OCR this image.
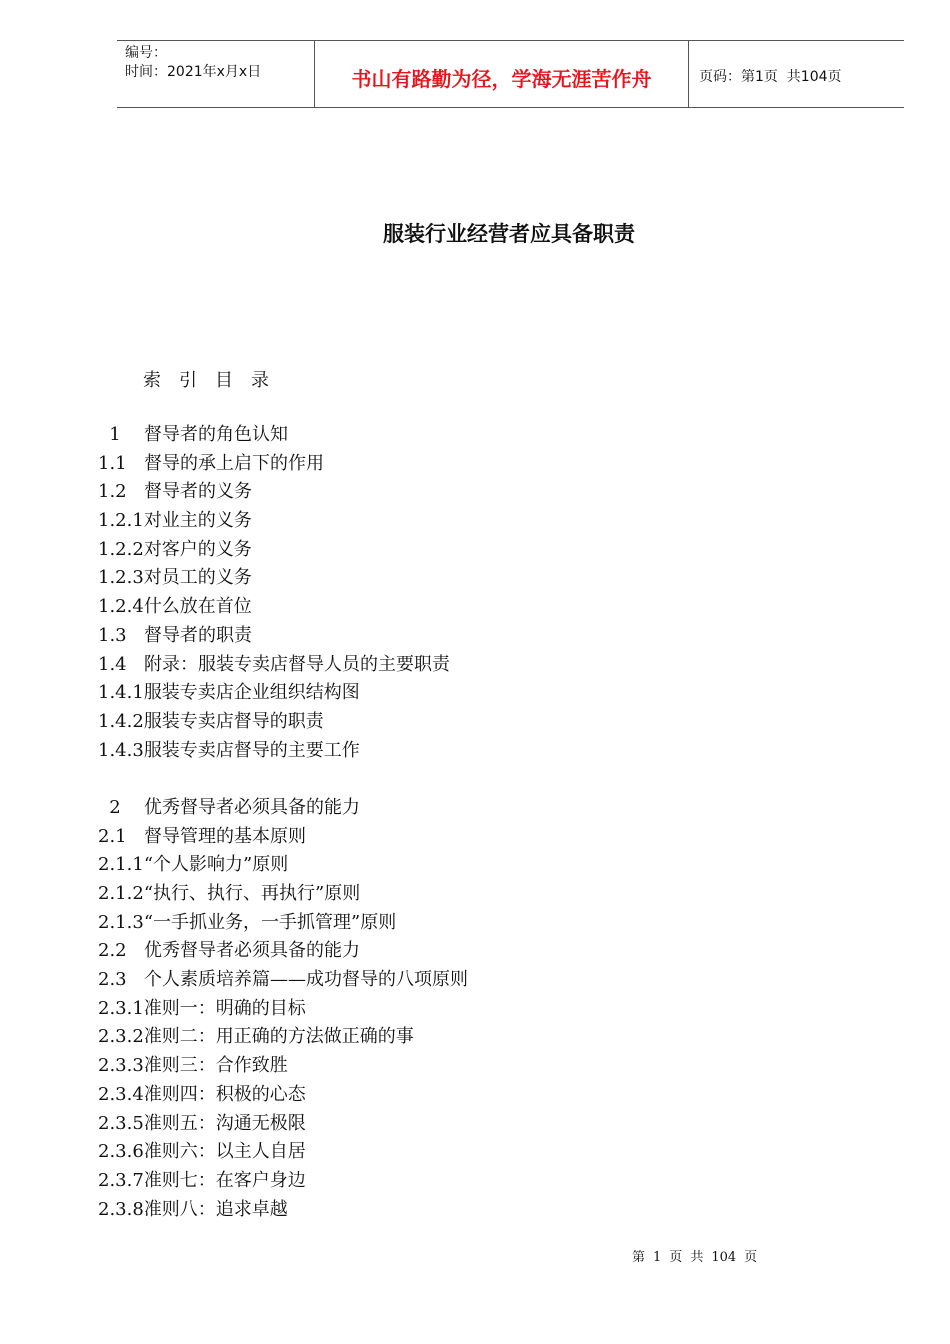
编号：
时间：2021年x月x日	书山有路勤为径，学海无涯苦作舟	页码：第1页  共104页
服装行业经营者应具备职责
索引目录
1	督导者的角色认知
1.1 督导的承上启下的作用
1.2 督导者的义务
1.2.1 对业主的义务
1.2.2 对客户的义务
1.2.3 对员工的义务
1.2.4 什么放在首位
1.3 督导者的职责
1.4 附录：服装专卖店督导人员的主要职责
1.4.1 服装专卖店企业组织结构图
1.4.2 服装专卖店督导的职责
1.4.3 服装专卖店督导的主要工作
2	优秀督导者必须具备的能力
2.1 督导管理的基本原则
2.1.1 “个人影响力”原则
2.1.2 “执行、执行、再执行”原则
2.1.3 “一手抓业务，一手抓管理”原则
2.2 优秀督导者必须具备的能力
2.3 个人素质培养篇——成功督导的八项原则
2.3.1 准则一：明确的目标
2.3.2 准则二：用正确的方法做正确的事
2.3.3 准则三：合作致胜
2.3.4 准则四：积极的心态
2.3.5 准则五：沟通无极限
2.3.6 准则六：以主人自居
2.3.7 准则七：在客户身边
2.3.8 准则八：追求卓越
第 1 页 共 104 页
